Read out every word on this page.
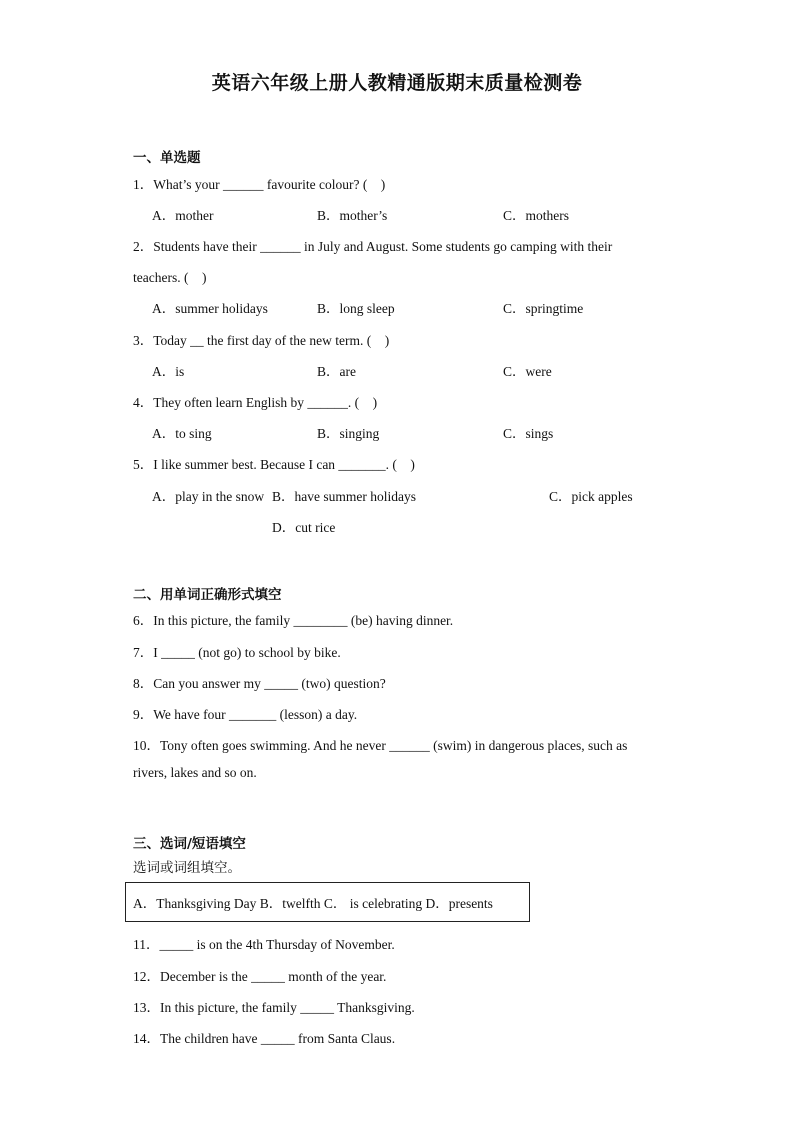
英语六年级上册人教精通版期末质量检测卷
一、单选题
1．What’s your ______ favourite colour? (　)
A．mother	B．mother’s	C．mothers
2．Students have their ______ in July and August. Some students go camping with their
teachers. (　)
A．summer holidays	B．long sleep	C．springtime
3．Today __ the first day of the new term. (　)
A．is	B．are	C．were
4．They often learn English by ______. (　)
A．to sing	B．singing	C．sings
5．I like summer best. Because I can _______. (　)
A．play in the snow B．have summer holidays	C．pick apples
D．cut rice
二、用单词正确形式填空
6．In this picture, the family ________ (be) having dinner.
7．I _____ (not go) to school by bike.
8．Can you answer my _____ (two) question?
9．We have four _______ (lesson) a day.
10．Tony often goes swimming. And he never ______ (swim) in dangerous places, such as
rivers, lakes and so on.
三、选词/短语填空
选词或词组填空。
A．Thanksgiving Day B．twelfth C． is celebrating D．presents
11．_____ is on the 4th Thursday of November.
12．December is the _____ month of the year.
13．In this picture, the family _____ Thanksgiving.
14．The children have _____ from Santa Claus.
